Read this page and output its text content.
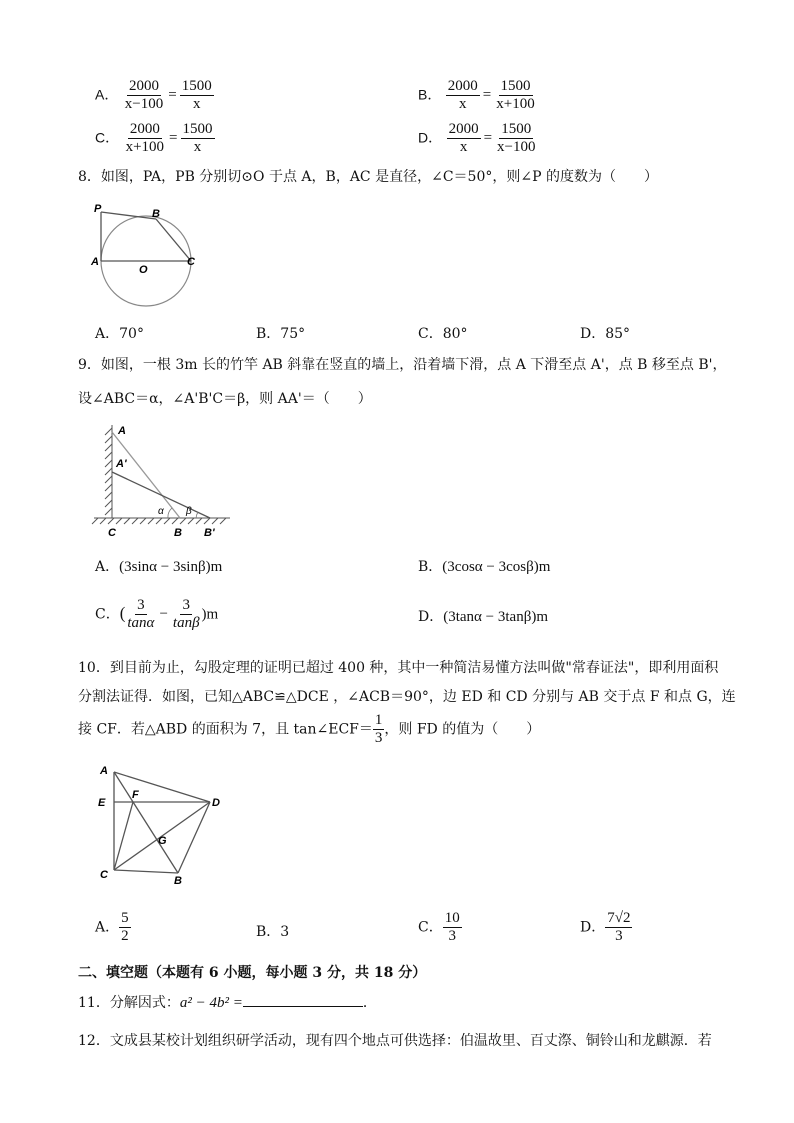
A． $\frac{2000}{x-100} = \frac{1500}{x}$	B． $\frac{2000}{x} = \frac{1500}{x+100}$
C． $\frac{2000}{x+100} = \frac{1500}{x}$	D． $\frac{2000}{x} = \frac{1500}{x-100}$
8．如图，PA，PB 分别切⊙O 于点 A，B，AC 是直径，∠C＝50°，则∠P 的度数为（　　）
P	B
A
O
C
A．70°	B．75°	C．80°	D．85°
9．如图，一根 3m 长的竹竿 AB 斜靠在竖直的墙上，沿着墙下滑，点 A 下滑至点 A'，点 B 移至点 B'，
设∠ABC＝α，∠A'B'C＝β，则 AA'＝（　　）
A
A'
C	B B'
α β
A．(3sinα − 3sinβ)m	B．(3cosα − 3cosβ)m
C．( $\frac{3}{\tan\alpha} - \frac{3}{\tan\beta} )m$	D．(3tanα − 3tanβ)m
10．到目前为止，勾股定理的证明已超过 400 种，其中一种简洁易懂方法叫做"常春证法"，即利用面积
分割法证得．如图，已知△ABC≌△DCE ，∠ACB＝90°，边 ED 和 CD 分别与 AB 交于点 F 和点 G，连
接 CF．若△ABD 的面积为 7，且 tan∠ECF＝ $\frac{1}{3}$ ，则 FD 的值为（　　）
A
E
F
D
G
C	B
A． $\frac{5}{2}$	B．3	C． $\frac{10}{3}$	D． $\frac{7√2}{3}$
二、填空题（本题有 6 小题，每小题 3 分，共 18 分）
11．分解因式：a² − 4b² =	．
12．文成县某校计划组织研学活动，现有四个地点可供选择：伯温故里、百丈漈、铜铃山和龙麒源．若
